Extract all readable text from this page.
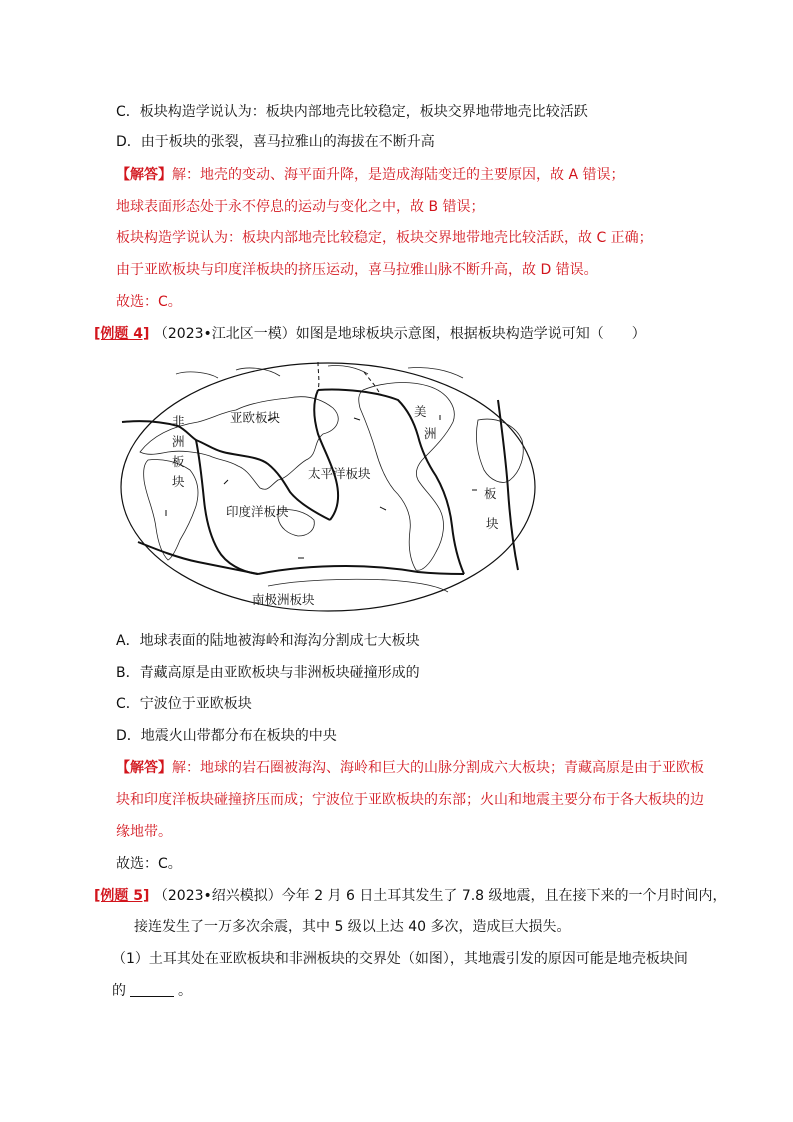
C．板块构造学说认为：板块内部地壳比较稳定，板块交界地带地壳比较活跃
D．由于板块的张裂，喜马拉雅山的海拔在不断升高
【解答】解：地壳的变动、海平面升降，是造成海陆变迁的主要原因，故 A 错误；
地球表面形态处于永不停息的运动与变化之中，故 B 错误；
板块构造学说认为：板块内部地壳比较稳定，板块交界地带地壳比较活跃，故 C 正确；
由于亚欧板块与印度洋板块的挤压运动，喜马拉雅山脉不断升高，故 D 错误。
故选：C。
[例题 4] （2023•江北区一模）如图是地球板块示意图，根据板块构造学说可知（　　）
亚欧板块
非
洲
板
块
太平洋板块
印度洋板块
美
洲
板
块
南极洲板块
A．地球表面的陆地被海岭和海沟分割成七大板块
B．青藏高原是由亚欧板块与非洲板块碰撞形成的
C．宁波位于亚欧板块
D．地震火山带都分布在板块的中央
【解答】解：地球的岩石圈被海沟、海岭和巨大的山脉分割成六大板块；青藏高原是由于亚欧板
块和印度洋板块碰撞挤压而成；宁波位于亚欧板块的东部；火山和地震主要分布于各大板块的边
缘地带。
故选：C。
[例题 5] （2023•绍兴模拟）今年 2 月 6 日土耳其发生了 7.8 级地震，且在接下来的一个月时间内，
接连发生了一万多次余震，其中 5 级以上达 40 多次，造成巨大损失。
（1）土耳其处在亚欧板块和非洲板块的交界处（如图），其地震引发的原因可能是地壳板块间
的	。
